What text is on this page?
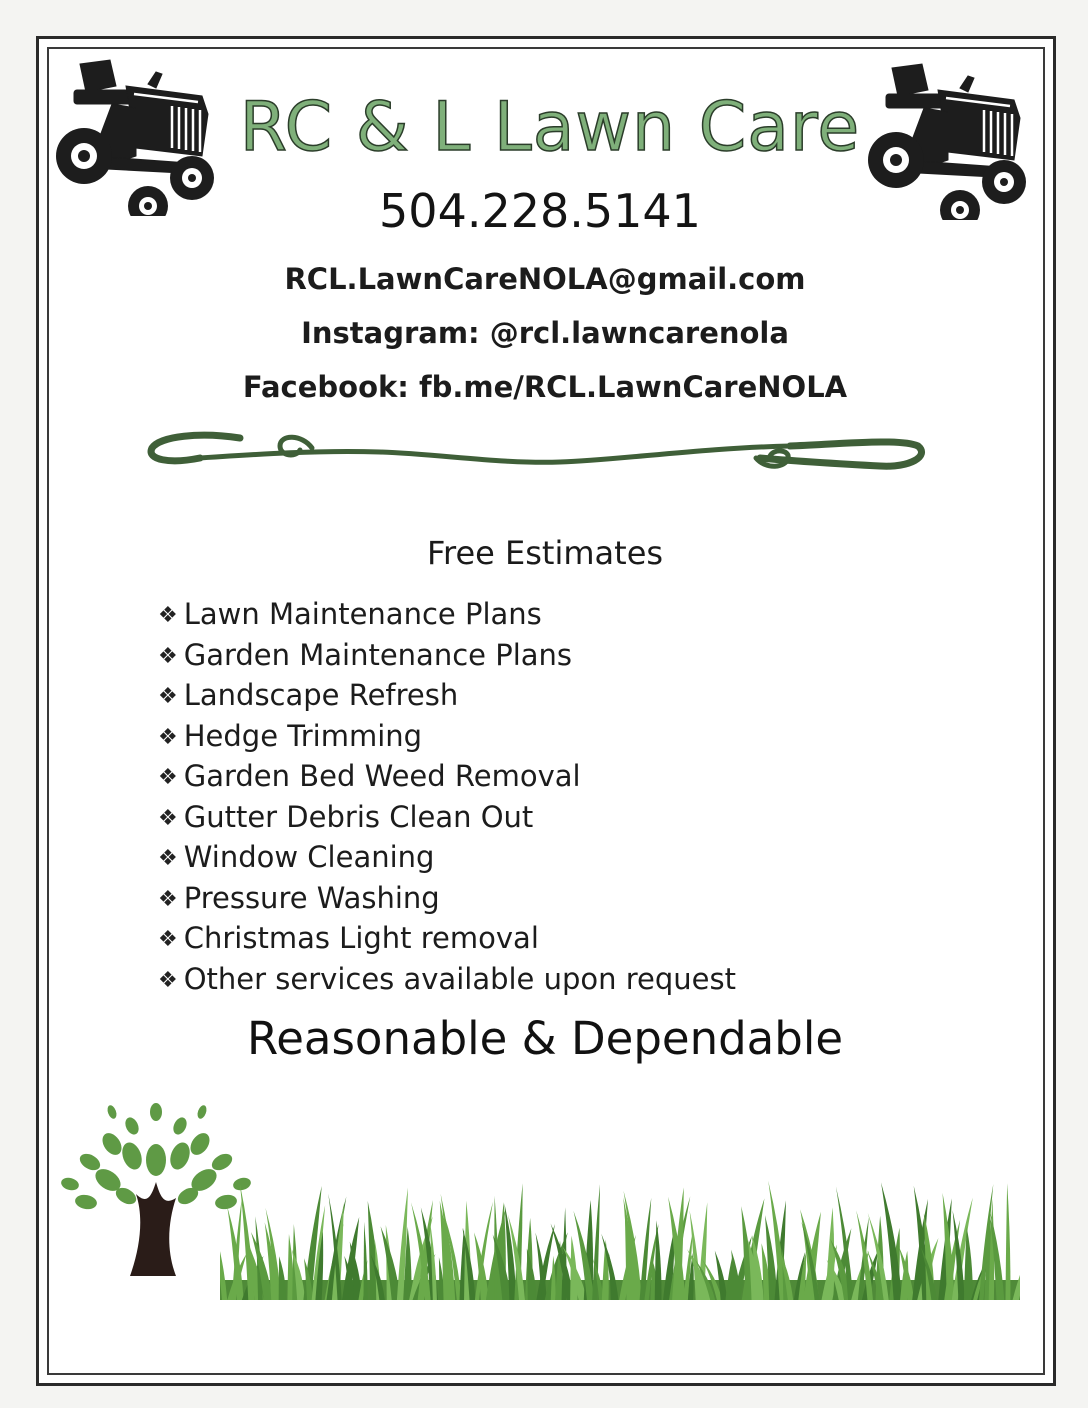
RC & L Lawn Care
504.228.5141
RCL.LawnCareNOLA@gmail.com
Instagram: @rcl.lawncarenola
Facebook: fb.me/RCL.LawnCareNOLA
Free Estimates
❖ Lawn Maintenance Plans
❖ Garden Maintenance Plans
❖ Landscape Refresh
❖ Hedge Trimming
❖ Garden Bed Weed Removal
❖ Gutter Debris Clean Out
❖ Window Cleaning
❖ Pressure Washing
❖ Christmas Light removal
❖ Other services available upon request
Reasonable & Dependable
